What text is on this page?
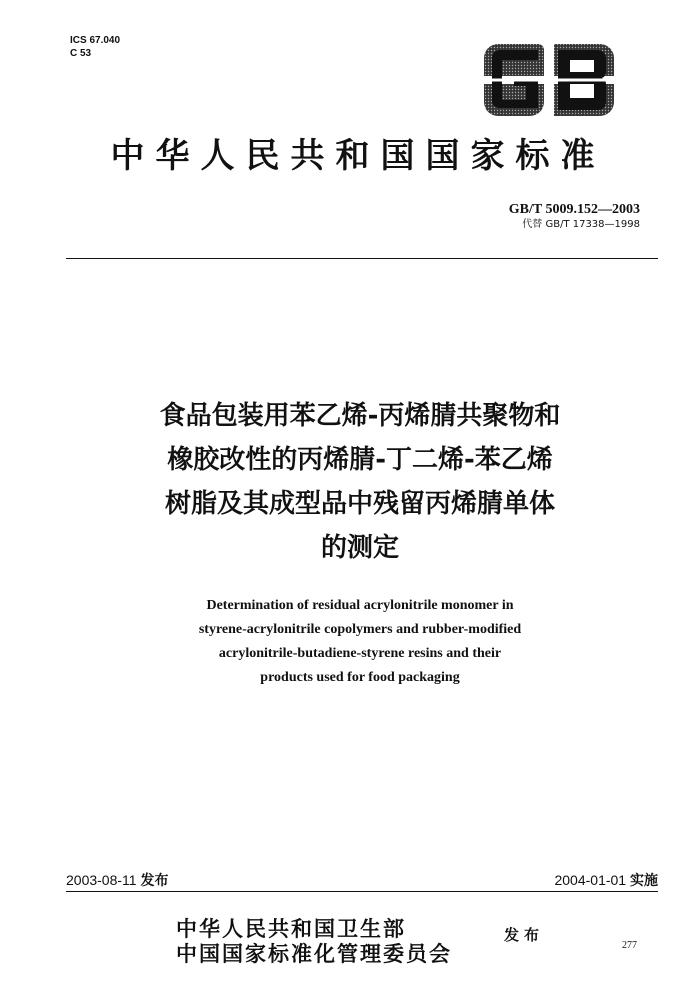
ICS 67.040
C 53
GB
中华人民共和国国家标准
GB/T 5009.152—2003
代替 GB/T 17338—1998
食品包装用苯乙烯-丙烯腈共聚物和
橡胶改性的丙烯腈-丁二烯-苯乙烯
树脂及其成型品中残留丙烯腈单体
的测定
Determination of residual acrylonitrile monomer in
styrene-acrylonitrile copolymers and rubber-modified
acrylonitrile-butadiene-styrene resins and their
products used for food packaging
2003-08-11 发布	2004-01-01 实施
中华人民共和国卫生部
中国国家标准化管理委员会
发布
277
